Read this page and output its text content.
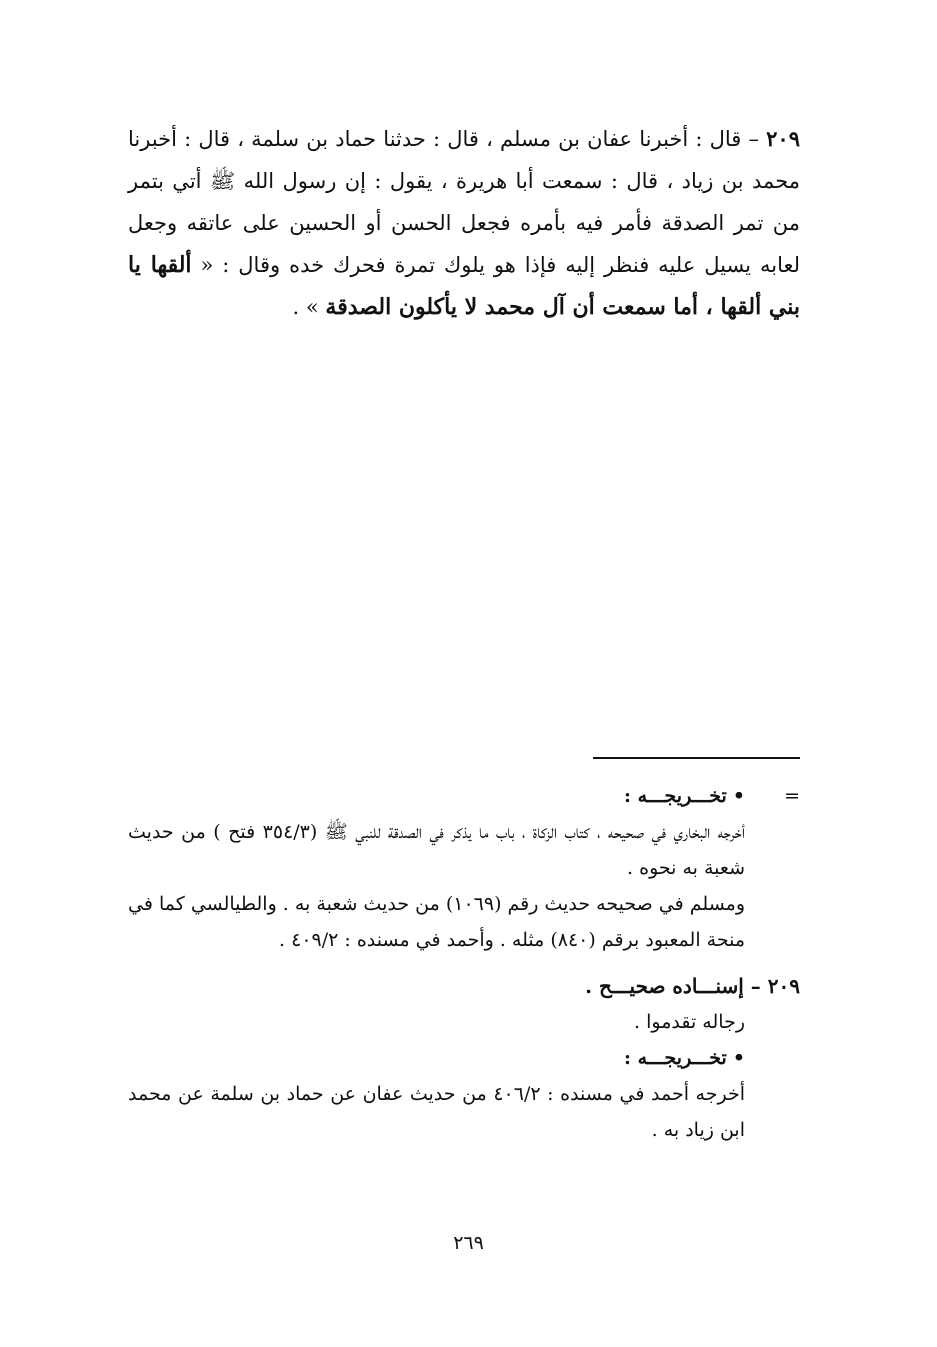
٢٠٩ – قال : أخبرنا عفان بن مسلم ، قال : حدثنا حماد بن سلمة ، قال : أخبرنا محمد بن زياد ، قال : سمعت أبا هريرة ، يقول : إن رسول الله ﷺ أتي بتمر من تمر الصدقة فأمر فيه بأمره فجعل الحسن أو الحسين على عاتقه وجعل لعابه يسيل عليه فنظر إليه فإذا هو يلوك تمرة فحرك خده وقال : « ألقها يا بني ألقها ، أما سمعت أن آل محمد لا يأكلون الصدقة » .
•تخـــريجـــه :	=
أخرجه البخاري في صحيحه ، كتاب الزكاة ، باب ما يذكر في الصدقة للنبي ﷺ (٣٥٤/٣ فتح ) من حديث شعبة به نحوه .
ومسلم في صحيحه حديث رقم (١٠٦٩) من حديث شعبة به . والطيالسي كما في منحة المعبود برقم (٨٤٠) مثله . وأحمد في مسنده : ٤٠٩/٢ .
٢٠٩ – إسنـــاده صحيـــح .
رجاله تقدموا .
•تخـــريجـــه :
أخرجه أحمد في مسنده : ٤٠٦/٢ من حديث عفان عن حماد بن سلمة عن محمد ابن زياد به .
٢٦٩
